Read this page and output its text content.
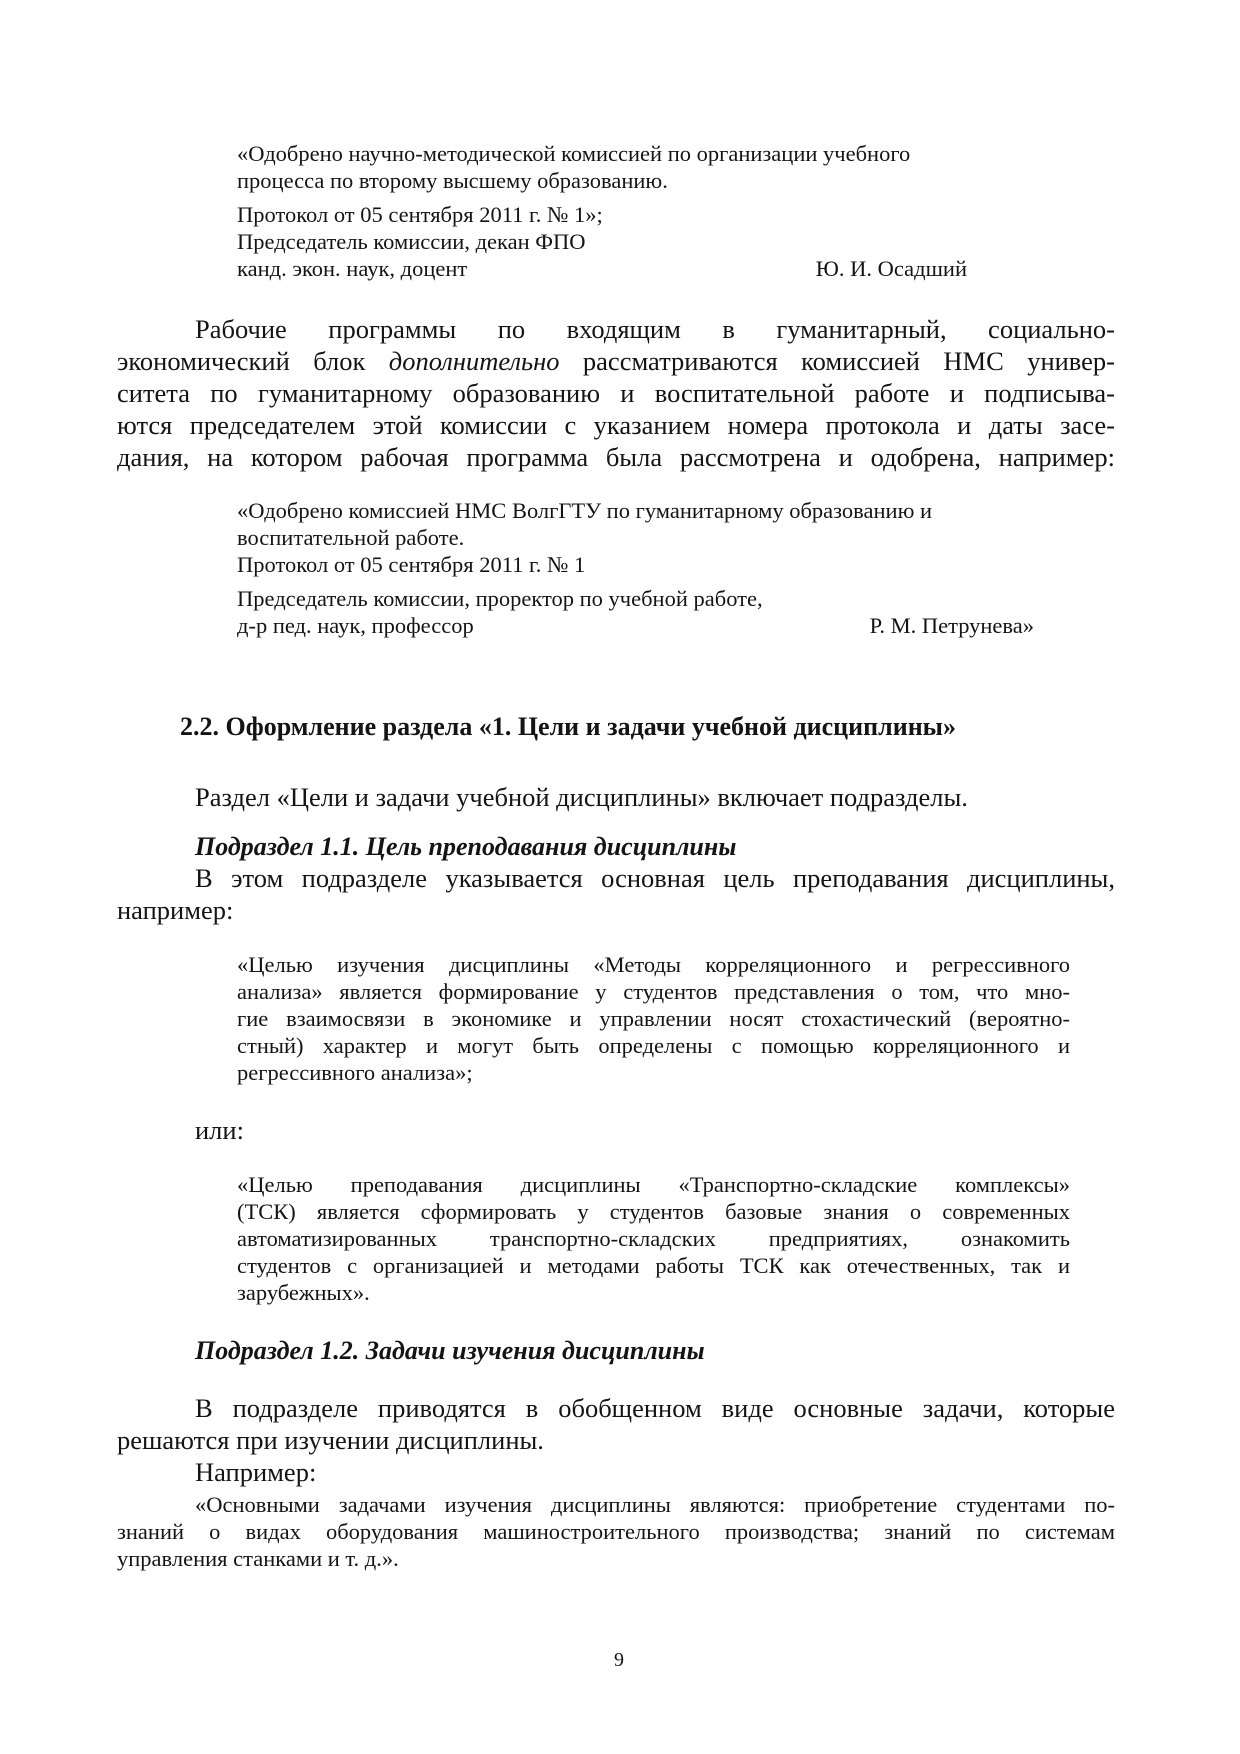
«Одобрено научно-методической комиссией по организации учебного
процесса по второму высшему образованию.
Протокол от 05 сентября 2011 г. № 1»;
Председатель комиссии, декан ФПО
канд. экон. наук, доцент	Ю. И. Осадший
Рабочие программы по входящим в гуманитарный, социально-
экономический блок дополнительно рассматриваются комиссией НМС универ-
ситета по гуманитарному образованию и воспитательной работе и подписыва-
ются председателем этой комиссии с указанием номера протокола и даты засе-
дания, на котором рабочая программа была рассмотрена и одобрена, например:
«Одобрено комиссией НМС ВолгГТУ по гуманитарному образованию и
воспитательной работе.
Протокол от 05 сентября 2011 г. № 1
Председатель комиссии, проректор по учебной работе,
д-р пед. наук, профессор	Р. М. Петрунева»
2.2. Оформление раздела «1. Цели и задачи учебной дисциплины»
Раздел «Цели и задачи учебной дисциплины» включает подразделы.
Подраздел 1.1. Цель преподавания дисциплины
В этом подразделе указывается основная цель преподавания дисциплины,
например:
«Целью изучения дисциплины «Методы корреляционного и регрессивного
анализа» является формирование у студентов представления о том, что мно-
гие взаимосвязи в экономике и управлении носят стохастический (вероятно-
стный) характер и могут быть определены с помощью корреляционного и
регрессивного анализа»;
или:
«Целью преподавания дисциплины «Транспортно-складские комплексы»
(ТСК) является сформировать у студентов базовые знания о современных
автоматизированных транспортно-складских предприятиях, ознакомить
студентов с организацией и методами работы ТСК как отечественных, так и
зарубежных».
Подраздел 1.2. Задачи изучения дисциплины
В подразделе приводятся в обобщенном виде основные задачи, которые
решаются при изучении дисциплины.
Например:
«Основными задачами изучения дисциплины являются: приобретение студентами по-
знаний о видах оборудования машиностроительного производства; знаний по системам
управления станками и т. д.».
9
